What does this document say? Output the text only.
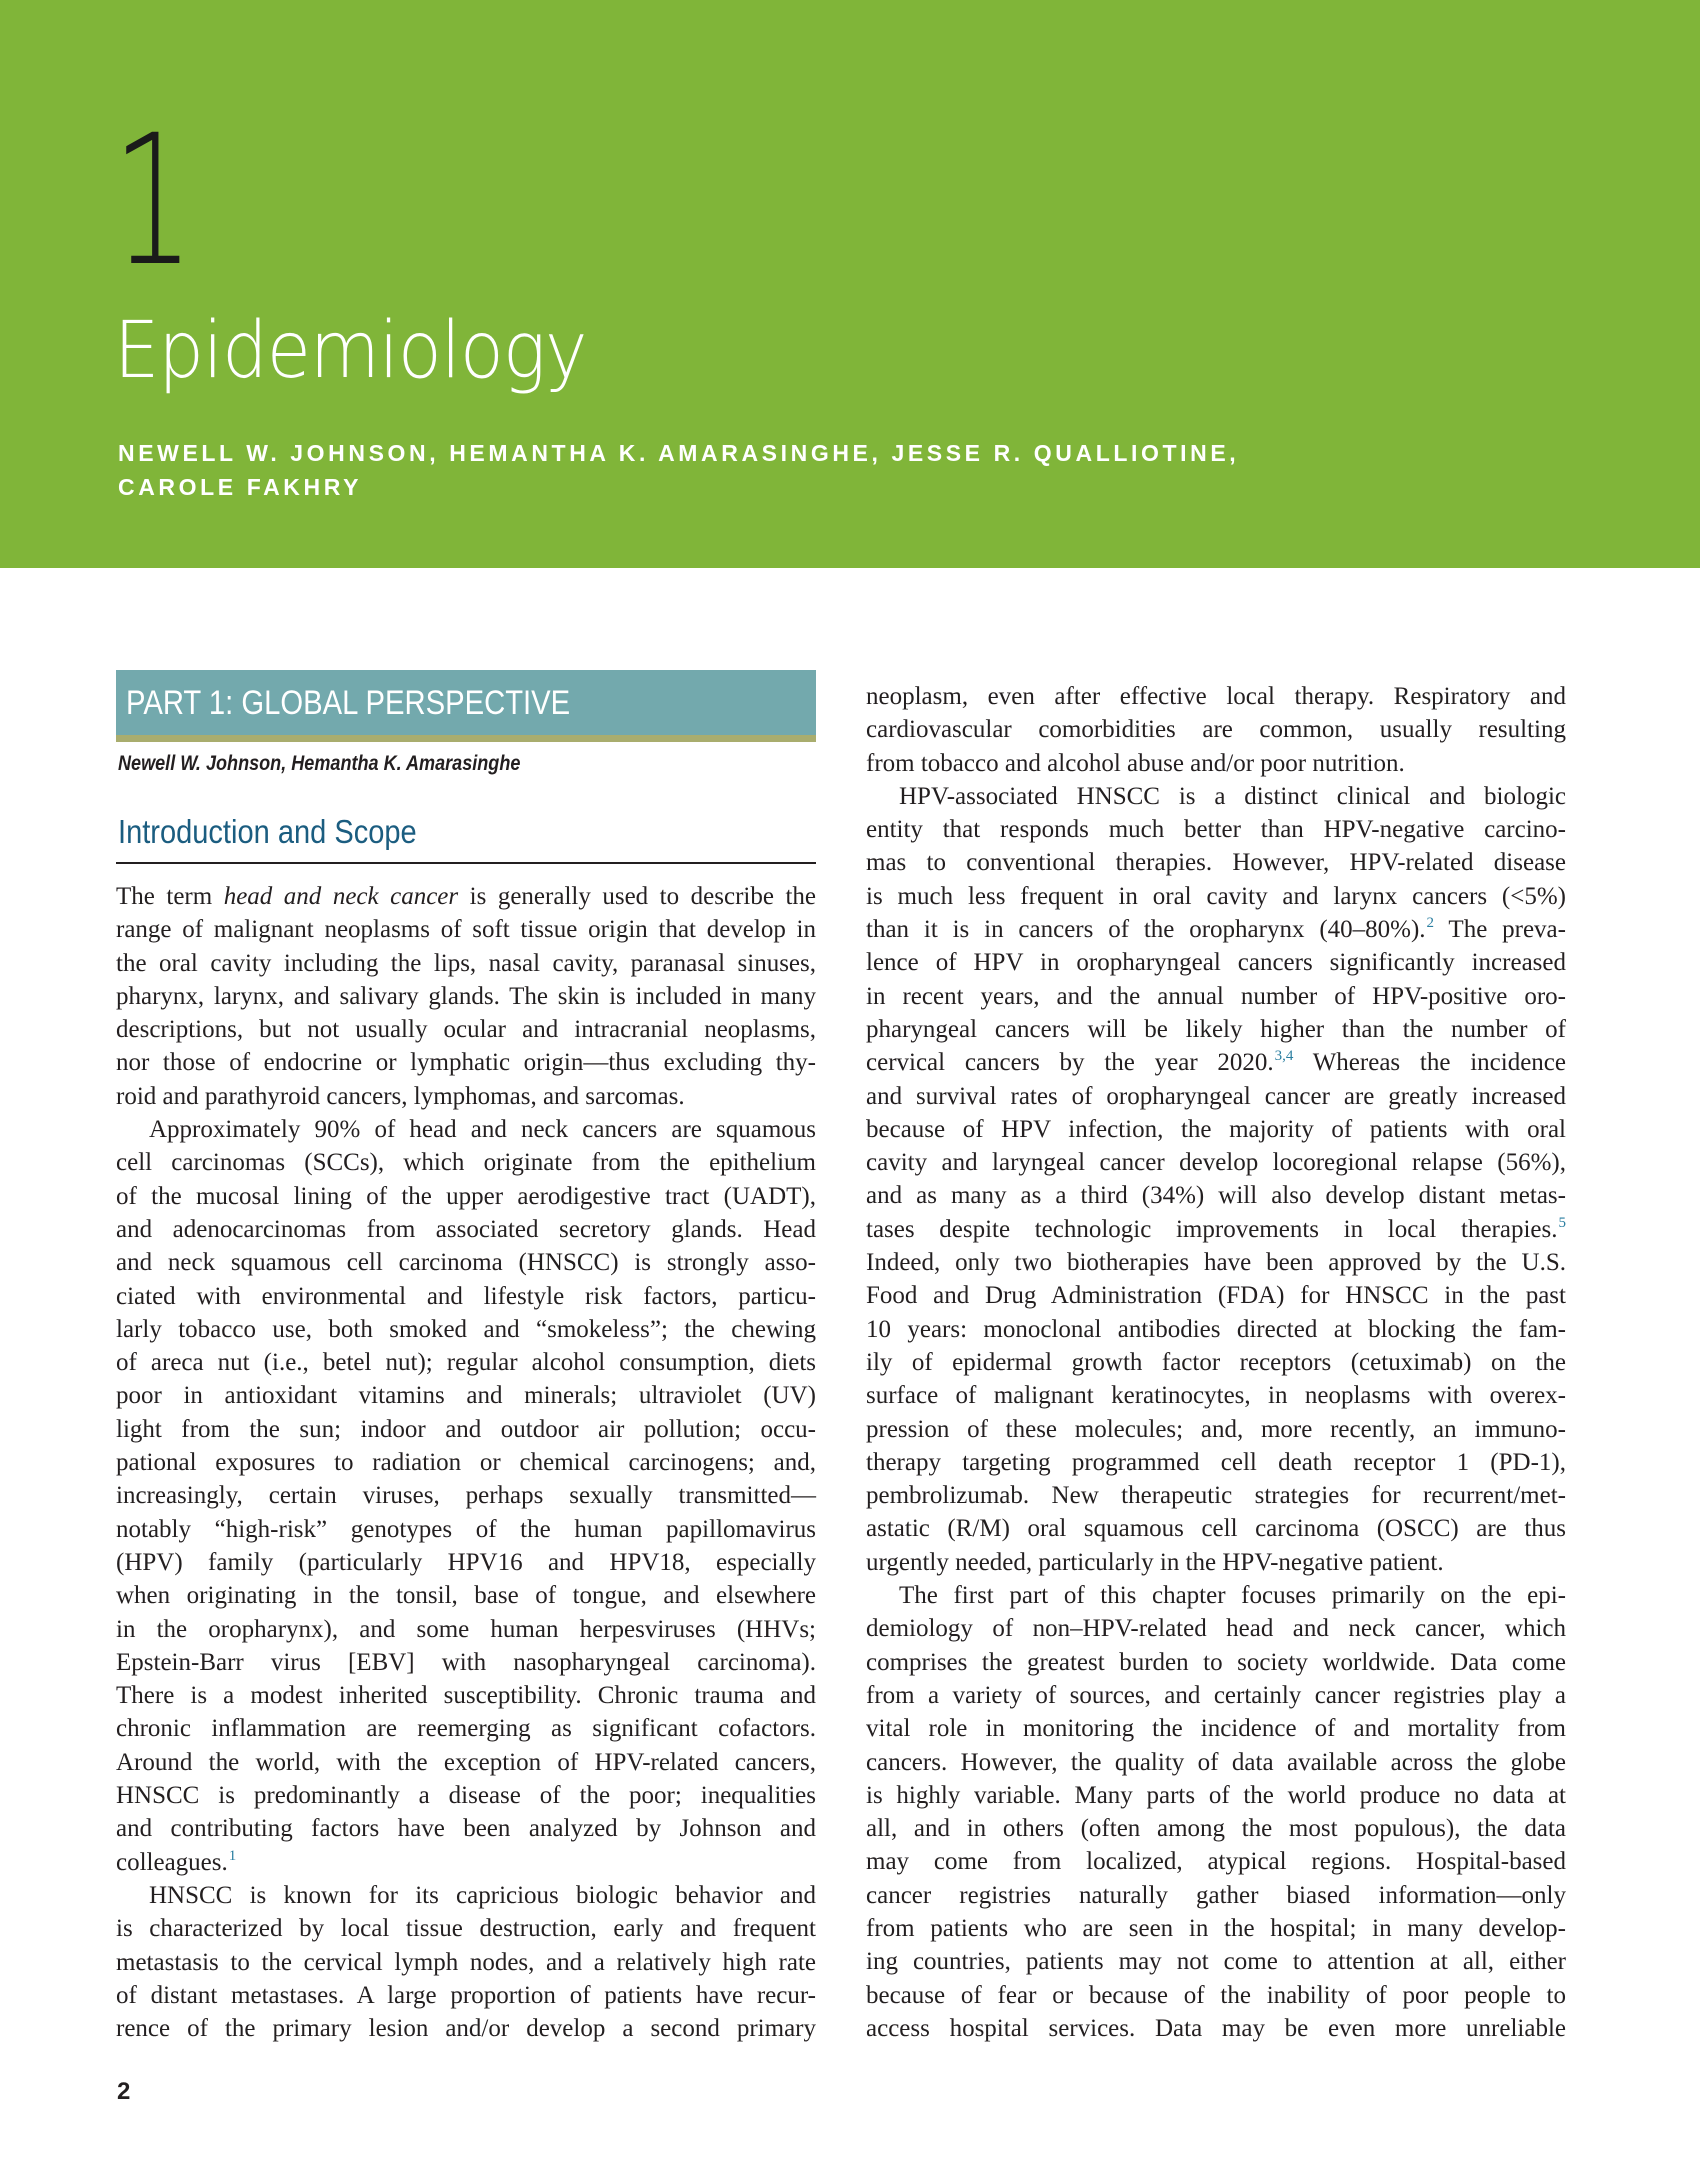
1
Epidemiology
NEWELL W. JOHNSON, HEMANTHA K. AMARASINGHE, JESSE R. QUALLIOTINE,
CAROLE FAKHRY
PART 1: GLOBAL PERSPECTIVE
Newell W. Johnson, Hemantha K. Amarasinghe
Introduction and Scope

The term head and neck cancer is generally used to describe the
range of malignant neoplasms of soft tissue origin that develop in
the oral cavity including the lips, nasal cavity, paranasal sinuses,
pharynx, larynx, and salivary glands. The skin is included in many
descriptions, but not usually ocular and intracranial neoplasms,
nor those of endocrine or lymphatic origin—thus excluding thy-
roid and parathyroid cancers, lymphomas, and sarcomas.

Approximately 90% of head and neck cancers are squamous
cell carcinomas (SCCs), which originate from the epithelium
of the mucosal lining of the upper aerodigestive tract (UADT),
and adenocarcinomas from associated secretory glands. Head
and neck squamous cell carcinoma (HNSCC) is strongly asso-
ciated with environmental and lifestyle risk factors, particu-
larly tobacco use, both smoked and “smokeless”; the chewing
of areca nut (i.e., betel nut); regular alcohol consumption, diets
poor in antioxidant vitamins and minerals; ultraviolet (UV)
light from the sun; indoor and outdoor air pollution; occu-
pational exposures to radiation or chemical carcinogens; and,
increasingly, certain viruses, perhaps sexually transmitted—
notably “high-risk” genotypes of the human papillomavirus
(HPV) family (particularly HPV16 and HPV18, especially
when originating in the tonsil, base of tongue, and elsewhere
in the oropharynx), and some human herpesviruses (HHVs;
Epstein-Barr virus [EBV] with nasopharyngeal carcinoma).
There is a modest inherited susceptibility. Chronic trauma and
chronic inflammation are reemerging as significant cofactors.
Around the world, with the exception of HPV-related cancers,
HNSCC is predominantly a disease of the poor; inequalities
and contributing factors have been analyzed by Johnson and
colleagues.$^1$

HNSCC is known for its capricious biologic behavior and
is characterized by local tissue destruction, early and frequent
metastasis to the cervical lymph nodes, and a relatively high rate
of distant metastases. A large proportion of patients have recur-
rence of the primary lesion and/or develop a second primary

neoplasm, even after effective local therapy. Respiratory and
cardiovascular comorbidities are common, usually resulting
from tobacco and alcohol abuse and/or poor nutrition.

HPV-associated HNSCC is a distinct clinical and biologic
entity that responds much better than HPV-negative carcino-
mas to conventional therapies. However, HPV-related disease
is much less frequent in oral cavity and larynx cancers (<5%)
than it is in cancers of the oropharynx (40–80%).$^2$ The preva-
lence of HPV in oropharyngeal cancers significantly increased
in recent years, and the annual number of HPV-positive oro-
pharyngeal cancers will be likely higher than the number of
cervical cancers by the year 2020.$^{3,4}$ Whereas the incidence
and survival rates of oropharyngeal cancer are greatly increased
because of HPV infection, the majority of patients with oral
cavity and laryngeal cancer develop locoregional relapse (56%),
and as many as a third (34%) will also develop distant metas-
tases despite technologic improvements in local therapies.$^5$
Indeed, only two biotherapies have been approved by the U.S.
Food and Drug Administration (FDA) for HNSCC in the past
10 years: monoclonal antibodies directed at blocking the fam-
ily of epidermal growth factor receptors (cetuximab) on the
surface of malignant keratinocytes, in neoplasms with overex-
pression of these molecules; and, more recently, an immuno-
therapy targeting programmed cell death receptor 1 (PD-1),
pembrolizumab. New therapeutic strategies for recurrent/met-
astatic (R/M) oral squamous cell carcinoma (OSCC) are thus
urgently needed, particularly in the HPV-negative patient.

The first part of this chapter focuses primarily on the epi-
demiology of non–HPV-related head and neck cancer, which
comprises the greatest burden to society worldwide. Data come
from a variety of sources, and certainly cancer registries play a
vital role in monitoring the incidence of and mortality from
cancers. However, the quality of data available across the globe
is highly variable. Many parts of the world produce no data at
all, and in others (often among the most populous), the data
may come from localized, atypical regions. Hospital-based
cancer registries naturally gather biased information—only
from patients who are seen in the hospital; in many develop-
ing countries, patients may not come to attention at all, either
because of fear or because of the inability of poor people to
access hospital services. Data may be even more unreliable

2
